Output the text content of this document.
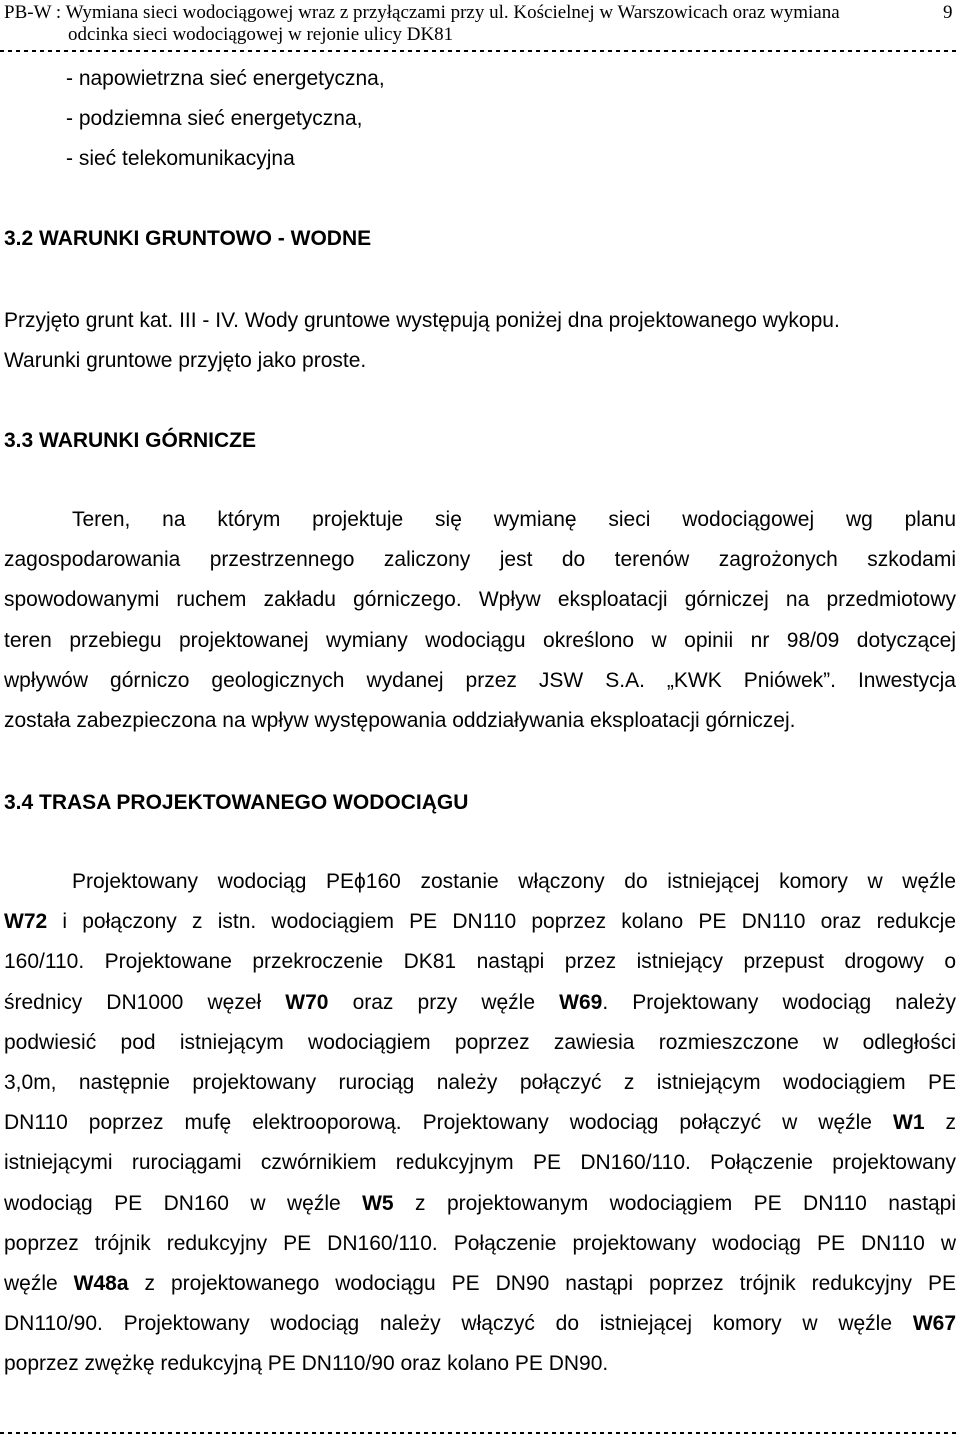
PB-W : Wymiana sieci wodociągowej wraz z przyłączami przy ul. Kościelnej w Warszowicach oraz wymiana
odcinka sieci wodociągowej w rejonie ulicy DK81
9
- napowietrzna sieć energetyczna,
- podziemna sieć energetyczna,
- sieć telekomunikacyjna
3.2 WARUNKI GRUNTOWO - WODNE
Przyjęto grunt kat. III - IV. Wody gruntowe występują poniżej dna projektowanego wykopu.
Warunki gruntowe przyjęto jako proste.
3.3 WARUNKI GÓRNICZE
Teren, na którym projektuje się wymianę sieci wodociągowej wg planu
zagospodarowania przestrzennego zaliczony jest do terenów zagrożonych szkodami
spowodowanymi ruchem zakładu górniczego. Wpływ eksploatacji górniczej na przedmiotowy
teren przebiegu projektowanej wymiany wodociągu określono w opinii nr 98/09 dotyczącej
wpływów górniczo geologicznych wydanej przez JSW S.A. „KWK Pniówek”. Inwestycja
została zabezpieczona na wpływ występowania oddziaływania eksploatacji górniczej.
3.4 TRASA PROJEKTOWANEGO WODOCIĄGU
Projektowany wodociąg PEϕ160 zostanie włączony do istniejącej komory w węźle
W72 i połączony z istn. wodociągiem PE DN110 poprzez kolano PE DN110 oraz redukcje
160/110. Projektowane przekroczenie DK81 nastąpi przez istniejący przepust drogowy o
średnicy DN1000 węzeł W70 oraz przy węźle W69. Projektowany wodociąg należy
podwiesić pod istniejącym wodociągiem poprzez zawiesia rozmieszczone w odległości
3,0m, następnie projektowany rurociąg należy połączyć z istniejącym wodociągiem PE
DN110 poprzez mufę elektrooporową. Projektowany wodociąg połączyć w węźle W1 z
istniejącymi rurociągami czwórnikiem redukcyjnym PE DN160/110. Połączenie projektowany
wodociąg PE DN160 w węźle W5 z projektowanym wodociągiem PE DN110 nastąpi
poprzez trójnik redukcyjny PE DN160/110. Połączenie projektowany wodociąg PE DN110 w
węźle W48a z projektowanego wodociągu PE DN90 nastąpi poprzez trójnik redukcyjny PE
DN110/90. Projektowany wodociąg należy włączyć do istniejącej komory w węźle W67
poprzez zwężkę redukcyjną PE DN110/90 oraz kolano PE DN90.
